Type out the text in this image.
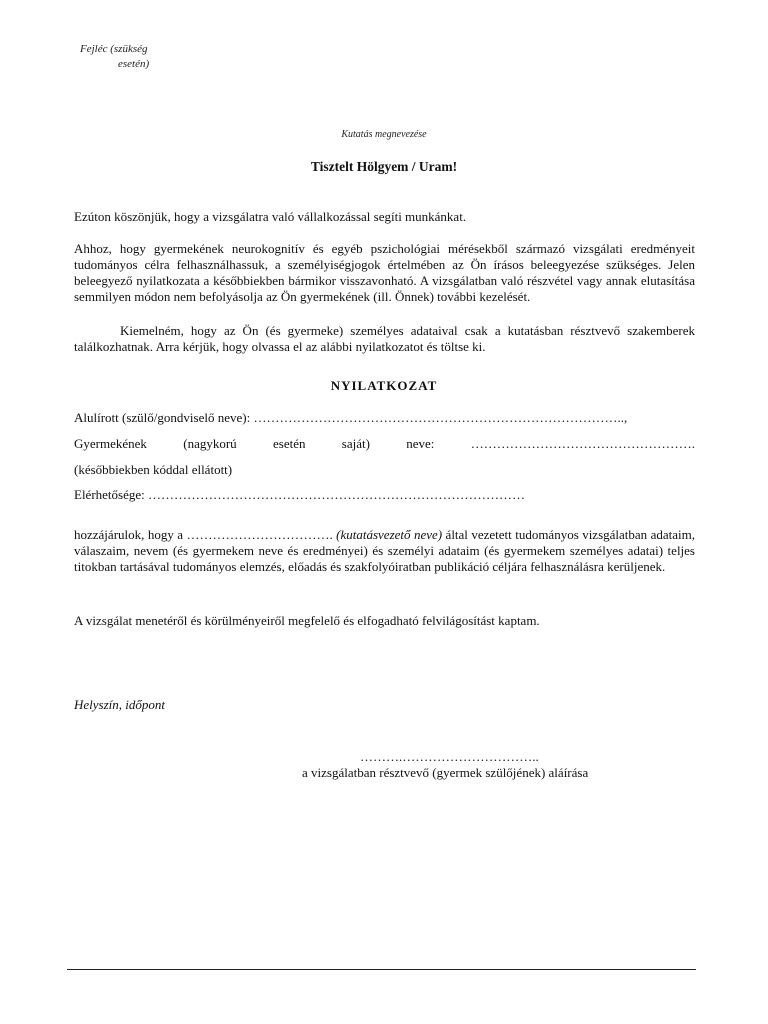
Fejléc (szükség
esetén)
Kutatás megnevezése
Tisztelt Hölgyem / Uram!
Ezúton köszönjük, hogy a vizsgálatra való vállalkozással segíti munkánkat.
Ahhoz, hogy gyermekének neurokognitív és egyéb pszichológiai mérésekből származó vizsgálati eredményeit tudományos célra felhasználhassuk, a személyiségjogok értelmében az Ön írásos beleegyezése szükséges. Jelen beleegyező nyilatkozata a későbbiekben bármikor visszavonható. A vizsgálatban való részvétel vagy annak elutasítása semmilyen módon nem befolyásolja az Ön gyermekének (ill. Önnek) további kezelését.
Kiemelném, hogy az Ön (és gyermeke) személyes adataival csak a kutatásban résztvevő szakemberek találkozhatnak. Arra kérjük, hogy olvassa el az alábbi nyilatkozatot és töltse ki.
NYILATKOZAT
Alulírott (szülő/gondviselő neve): …………………………………………………………………………..,
Gyermekének	(nagykorú	esetén	saját)	neve:	…………………………………………….
(későbbiekben kóddal ellátott)
Elérhetősége: ……………………………………………………………………………
hozzájárulok, hogy a ……………………………. (kutatásvezető neve) által vezetett tudományos vizsgálatban adataim, válaszaim, nevem (és gyermekem neve és eredményei) és személyi adataim (és gyermekem személyes adatai) teljes titokban tartásával tudományos elemzés, előadás és szakfolyóiratban publikáció céljára felhasználásra kerüljenek.
A vizsgálat menetéről és körülményeiről megfelelő és elfogadható felvilágosítást kaptam.
Helyszín, időpont
……….…………………………..
a vizsgálatban résztvevő (gyermek szülőjének) aláírása
